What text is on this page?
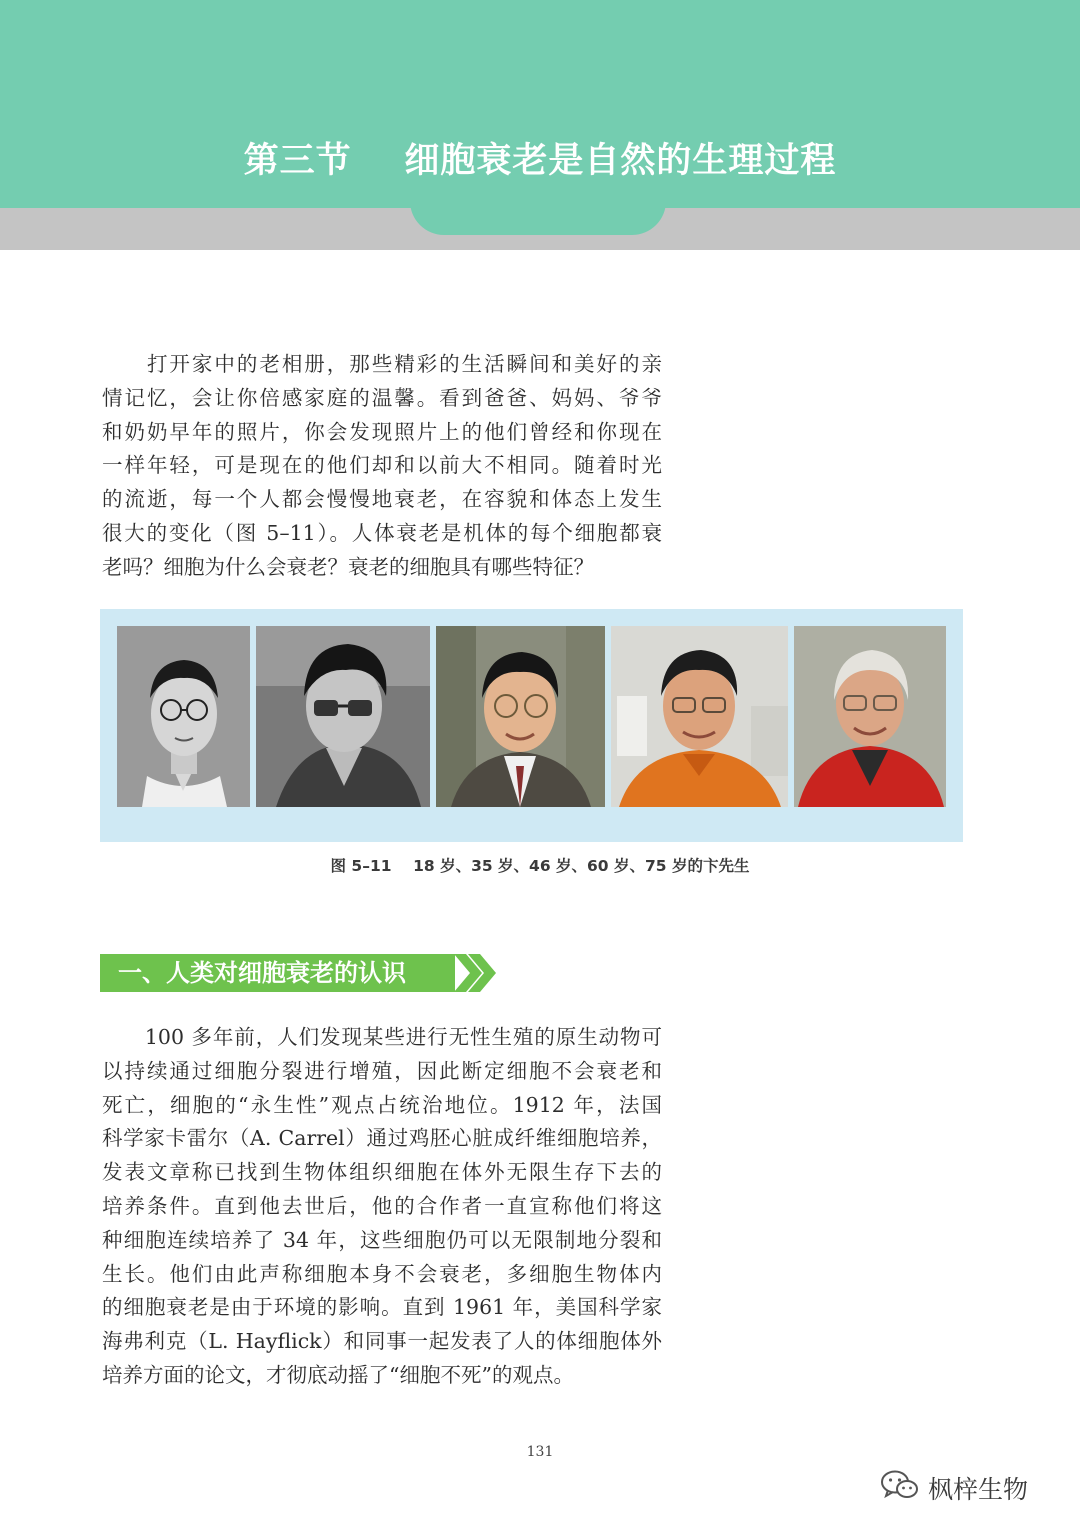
第三节    细胞衰老是自然的生理过程
　　打开家中的老相册，那些精彩的生活瞬间和美好的亲
情记忆，会让你倍感家庭的温馨。看到爸爸、妈妈、爷爷
和奶奶早年的照片，你会发现照片上的他们曾经和你现在
一样年轻，可是现在的他们却和以前大不相同。随着时光
的流逝，每一个人都会慢慢地衰老，在容貌和体态上发生
很大的变化（图 5–11）。人体衰老是机体的每个细胞都衰
老吗？细胞为什么会衰老？衰老的细胞具有哪些特征？
图 5–11    18 岁、35 岁、46 岁、60 岁、75 岁的卞先生
一、人类对细胞衰老的认识
　　100 多年前，人们发现某些进行无性生殖的原生动物可
以持续通过细胞分裂进行增殖，因此断定细胞不会衰老和
死亡，细胞的“永生性”观点占统治地位。1912 年，法国
科学家卡雷尔（A. Carrel）通过鸡胚心脏成纤维细胞培养，
发表文章称已找到生物体组织细胞在体外无限生存下去的
培养条件。直到他去世后，他的合作者一直宣称他们将这
种细胞连续培养了 34 年，这些细胞仍可以无限制地分裂和
生长。他们由此声称细胞本身不会衰老，多细胞生物体内
的细胞衰老是由于环境的影响。直到 1961 年，美国科学家
海弗利克（L. Hayflick）和同事一起发表了人的体细胞体外
培养方面的论文，才彻底动摇了“细胞不死”的观点。
131
枫梓生物
